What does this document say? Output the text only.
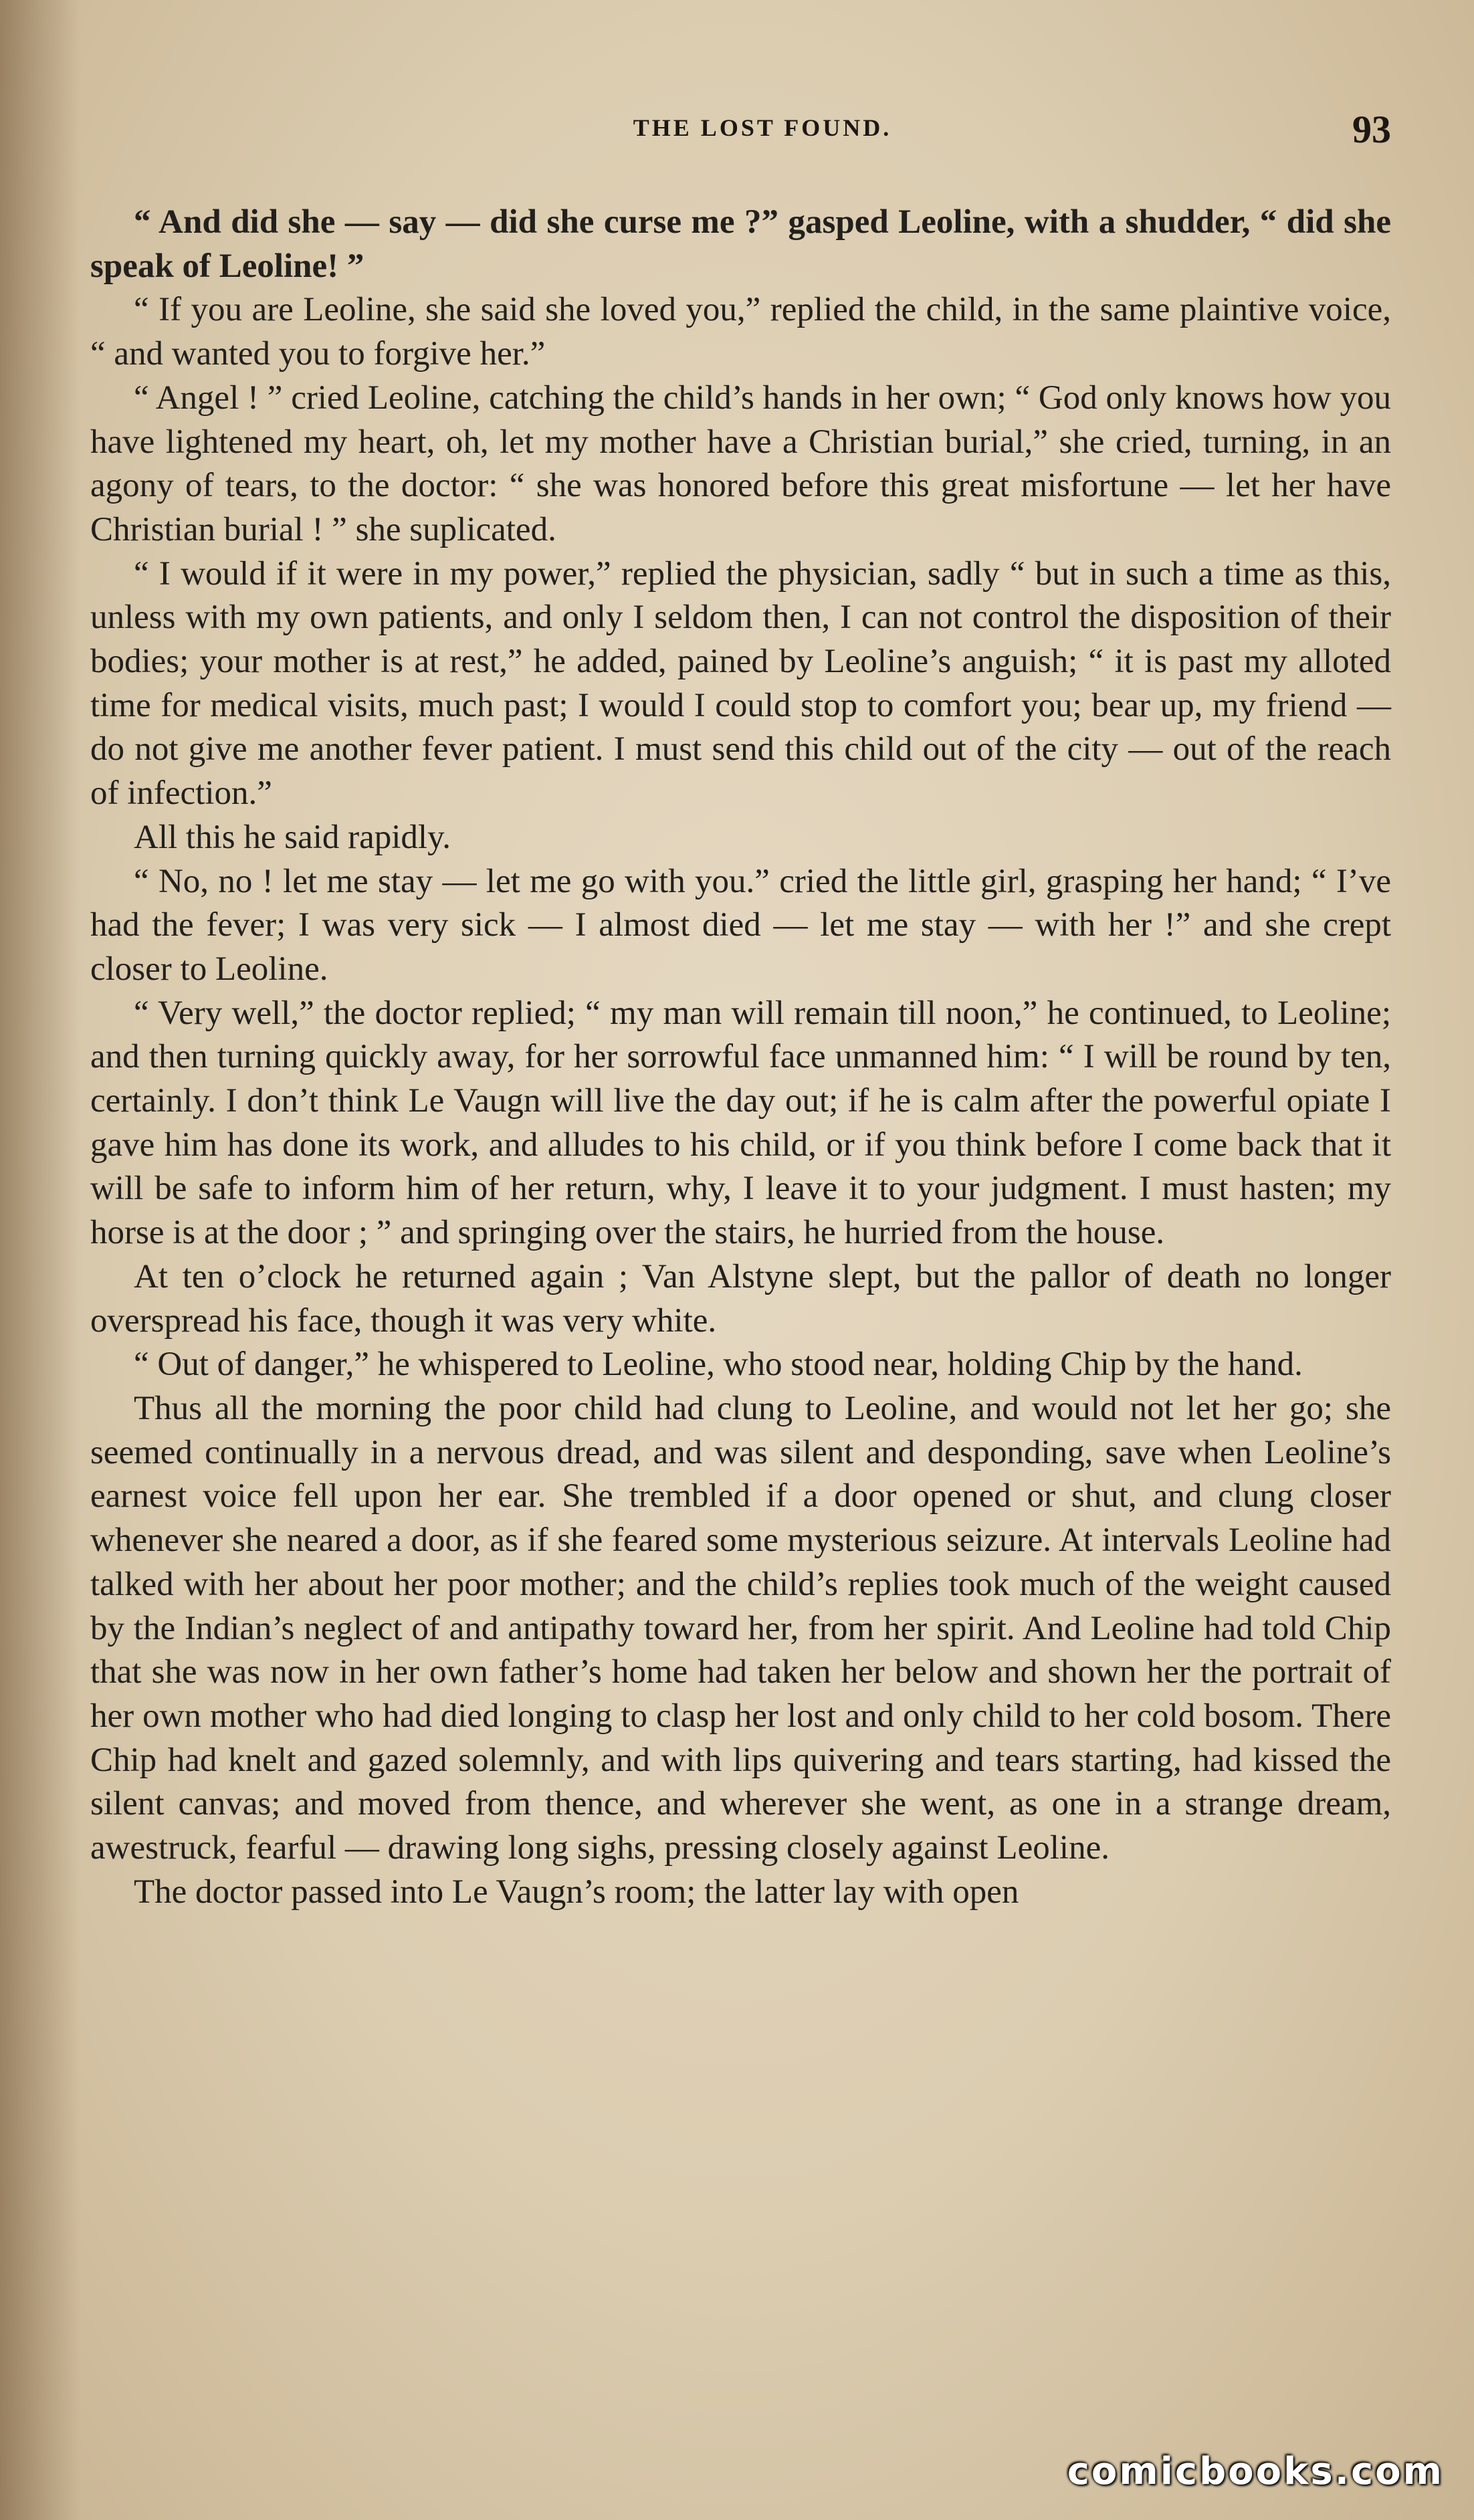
THE LOST FOUND.	93

“ And did she — say — did she curse me ?” gasped Leoline, with a shudder, “ did she speak of Leoline! ”

“ If you are Leoline, she said she loved you,” replied the child, in the same plaintive voice, “ and wanted you to forgive her.”

“ Angel ! ” cried Leoline, catching the child’s hands in her own; “ God only knows how you have lightened my heart, oh, let my mother have a Christian burial,” she cried, turning, in an agony of tears, to the doctor: “ she was honored before this great misfortune — let her have Christian burial ! ” she suplicated.

“ I would if it were in my power,” replied the physician, sadly “ but in such a time as this, unless with my own patients, and only I seldom then, I can not control the disposition of their bodies; your mother is at rest,” he added, pained by Leoline’s anguish; “ it is past my alloted time for medical visits, much past; I would I could stop to comfort you; bear up, my friend — do not give me another fever patient. I must send this child out of the city — out of the reach of infection.”

All this he said rapidly.

“ No, no ! let me stay — let me go with you.” cried the little girl, grasping her hand; “ I’ve had the fever; I was very sick — I almost died — let me stay — with her !” and she crept closer to Leoline.

“ Very well,” the doctor replied; “ my man will remain till noon,” he continued, to Leoline; and then turning quickly away, for her sorrowful face unmanned him: “ I will be round by ten, certainly. I don’t think Le Vaugn will live the day out; if he is calm after the powerful opiate I gave him has done its work, and alludes to his child, or if you think before I come back that it will be safe to inform him of her return, why, I leave it to your judgment. I must hasten; my horse is at the door ; ” and springing over the stairs, he hurried from the house.

At ten o’clock he returned again ; Van Alstyne slept, but the pallor of death no longer overspread his face, though it was very white.

“ Out of danger,” he whispered to Leoline, who stood near, holding Chip by the hand.

Thus all the morning the poor child had clung to Leoline, and would not let her go; she seemed continually in a nervous dread, and was silent and desponding, save when Leoline’s earnest voice fell upon her ear. She trembled if a door opened or shut, and clung closer whenever she neared a door, as if she feared some mysterious seizure. At intervals Leoline had talked with her about her poor mother; and the child’s replies took much of the weight caused by the Indian’s neglect of and antipathy toward her, from her spirit. And Leoline had told Chip that she was now in her own father’s home had taken her below and shown her the portrait of her own mother who had died longing to clasp her lost and only child to her cold bosom. There Chip had knelt and gazed solemnly, and with lips quivering and tears starting, had kissed the silent canvas; and moved from thence, and wherever she went, as one in a strange dream, awestruck, fearful — drawing long sighs, pressing closely against Leoline.

The doctor passed into Le Vaugn’s room; the latter lay with open

comicbooks.com
